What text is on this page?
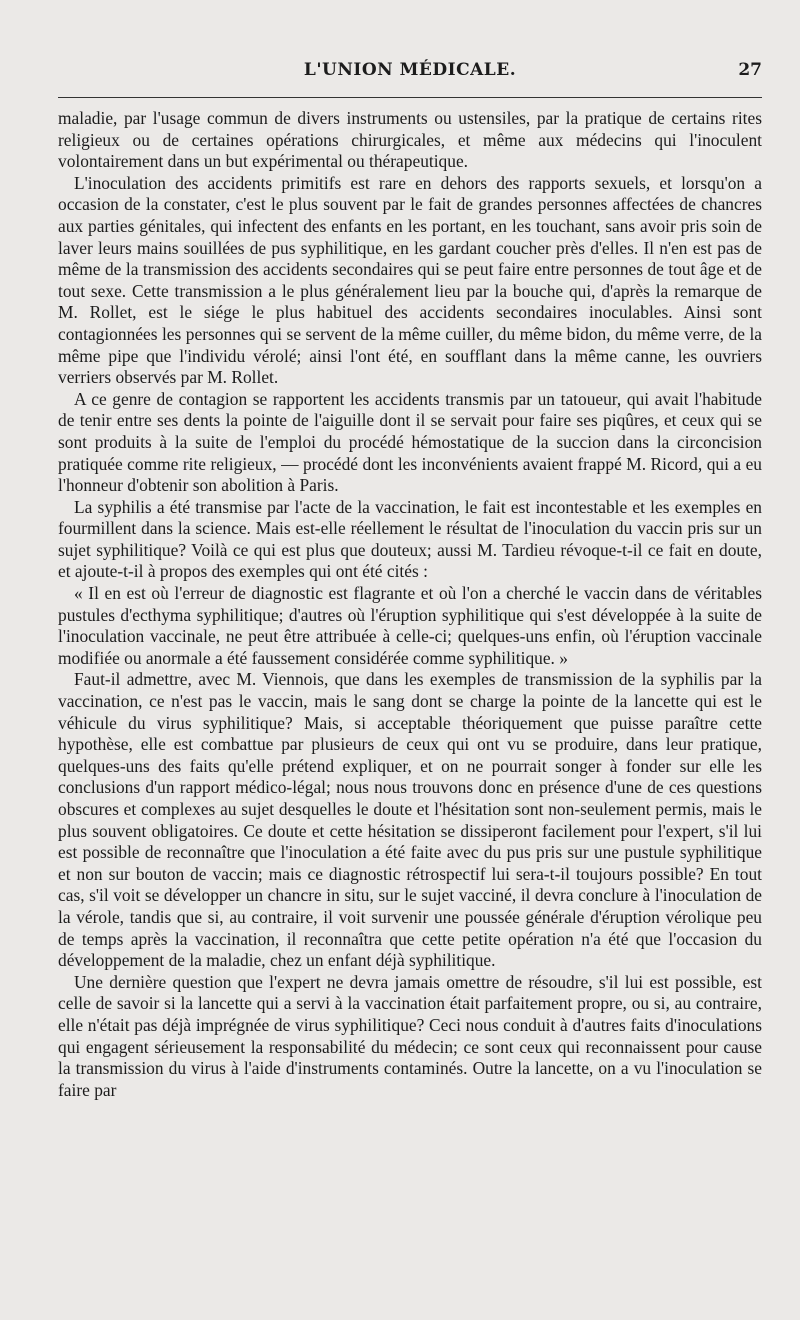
L'UNION MÉDICALE.	27

maladie, par l'usage commun de divers instruments ou ustensiles, par la pratique de certains rites religieux ou de certaines opérations chirurgicales, et même aux médecins qui l'inoculent volontairement dans un but expérimental ou thérapeutique.

L'inoculation des accidents primitifs est rare en dehors des rapports sexuels, et lorsqu'on a occasion de la constater, c'est le plus souvent par le fait de grandes personnes affectées de chancres aux parties génitales, qui infectent des enfants en les portant, en les touchant, sans avoir pris soin de laver leurs mains souillées de pus syphilitique, en les gardant coucher près d'elles. Il n'en est pas de même de la transmission des accidents secondaires qui se peut faire entre personnes de tout âge et de tout sexe. Cette transmission a le plus généralement lieu par la bouche qui, d'après la remarque de M. Rollet, est le siége le plus habituel des accidents secondaires inoculables. Ainsi sont contagionnées les personnes qui se servent de la même cuiller, du même bidon, du même verre, de la même pipe que l'individu vérolé; ainsi l'ont été, en soufflant dans la même canne, les ouvriers verriers observés par M. Rollet.

A ce genre de contagion se rapportent les accidents transmis par un tatoueur, qui avait l'habitude de tenir entre ses dents la pointe de l'aiguille dont il se servait pour faire ses piqûres, et ceux qui se sont produits à la suite de l'emploi du procédé hémostatique de la succion dans la circoncision pratiquée comme rite religieux, — procédé dont les inconvénients avaient frappé M. Ricord, qui a eu l'honneur d'obtenir son abolition à Paris.

La syphilis a été transmise par l'acte de la vaccination, le fait est incontestable et les exemples en fourmillent dans la science. Mais est-elle réellement le résultat de l'inoculation du vaccin pris sur un sujet syphilitique? Voilà ce qui est plus que douteux; aussi M. Tardieu révoque-t-il ce fait en doute, et ajoute-t-il à propos des exemples qui ont été cités :

« Il en est où l'erreur de diagnostic est flagrante et où l'on a cherché le vaccin dans de véritables pustules d'ecthyma syphilitique; d'autres où l'éruption syphilitique qui s'est développée à la suite de l'inoculation vaccinale, ne peut être attribuée à celle-ci; quelques-uns enfin, où l'éruption vaccinale modifiée ou anormale a été faussement considérée comme syphilitique. »

Faut-il admettre, avec M. Viennois, que dans les exemples de transmission de la syphilis par la vaccination, ce n'est pas le vaccin, mais le sang dont se charge la pointe de la lancette qui est le véhicule du virus syphilitique? Mais, si acceptable théoriquement que puisse paraître cette hypothèse, elle est combattue par plusieurs de ceux qui ont vu se produire, dans leur pratique, quelques-uns des faits qu'elle prétend expliquer, et on ne pourrait songer à fonder sur elle les conclusions d'un rapport médico-légal; nous nous trouvons donc en présence d'une de ces questions obscures et complexes au sujet desquelles le doute et l'hésitation sont non-seulement permis, mais le plus souvent obligatoires. Ce doute et cette hésitation se dissiperont facilement pour l'expert, s'il lui est possible de reconnaître que l'inoculation a été faite avec du pus pris sur une pustule syphilitique et non sur bouton de vaccin; mais ce diagnostic rétrospectif lui sera-t-il toujours possible? En tout cas, s'il voit se développer un chancre in situ, sur le sujet vacciné, il devra conclure à l'inoculation de la vérole, tandis que si, au contraire, il voit survenir une poussée générale d'éruption vérolique peu de temps après la vaccination, il reconnaîtra que cette petite opération n'a été que l'occasion du développement de la maladie, chez un enfant déjà syphilitique.

Une dernière question que l'expert ne devra jamais omettre de résoudre, s'il lui est possible, est celle de savoir si la lancette qui a servi à la vaccination était parfaitement propre, ou si, au contraire, elle n'était pas déjà imprégnée de virus syphilitique? Ceci nous conduit à d'autres faits d'inoculations qui engagent sérieusement la responsabilité du médecin; ce sont ceux qui reconnaissent pour cause la transmission du virus à l'aide d'instruments contaminés. Outre la lancette, on a vu l'inoculation se faire par
